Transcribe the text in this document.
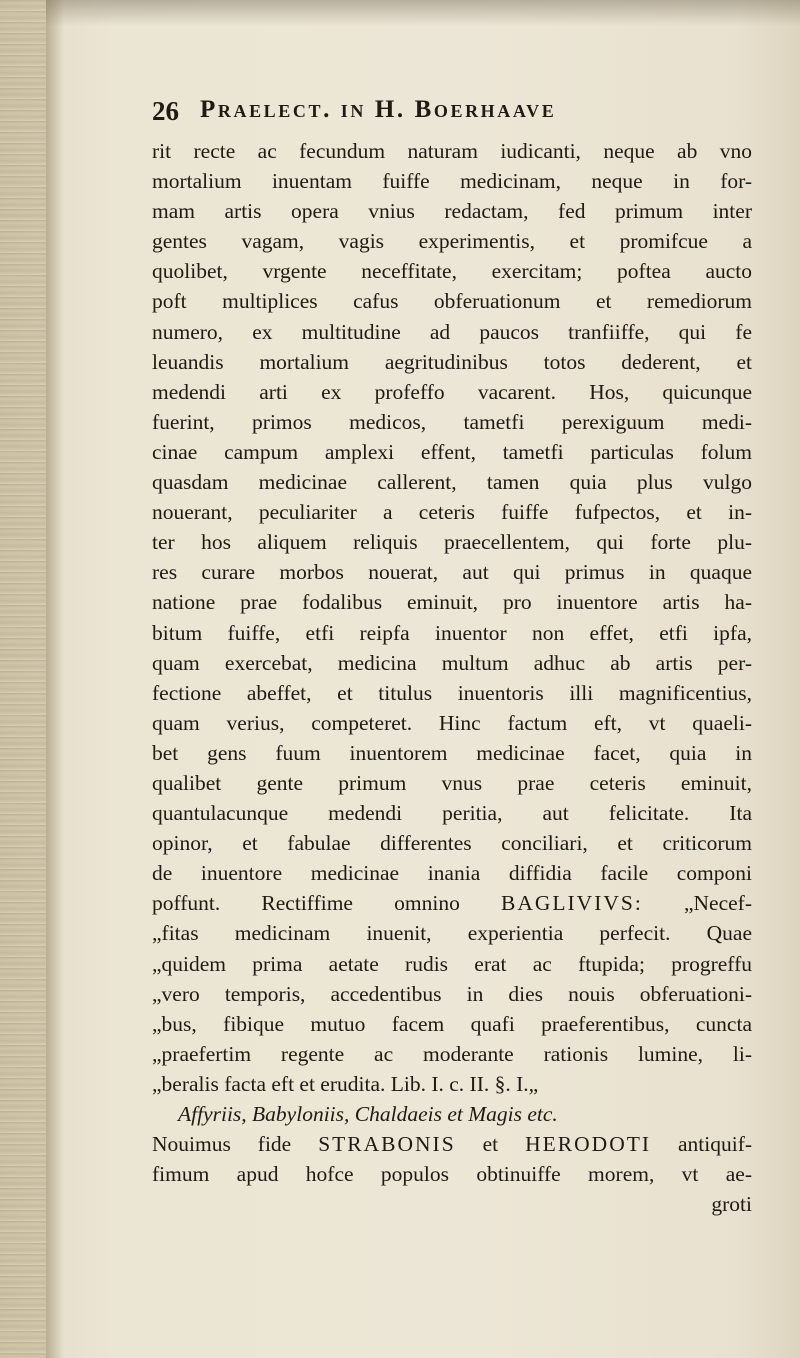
26 Praelect. in H. Boerhaave
rit recte ac fecundum naturam iudicanti, neque ab vno
mortalium inuentam fuiffe medicinam, neque in for-
mam artis opera vnius redactam, fed primum inter
gentes vagam, vagis experimentis, et promifcue a
quolibet, vrgente neceffitate, exercitam; poftea aucto
poft multiplices cafus obferuationum et remediorum
numero, ex multitudine ad paucos tranfiiffe, qui fe
leuandis mortalium aegritudinibus totos dederent, et
medendi arti ex profeffo vacarent. Hos, quicunque
fuerint, primos medicos, tametfi perexiguum medi-
cinae campum amplexi effent, tametfi particulas folum
quasdam medicinae callerent, tamen quia plus vulgo
nouerant, peculiariter a ceteris fuiffe fufpectos, et in-
ter hos aliquem reliquis praecellentem, qui forte plu-
res curare morbos nouerat, aut qui primus in quaque
natione prae fodalibus eminuit, pro inuentore artis ha-
bitum fuiffe, etfi reipfa inuentor non effet, etfi ipfa,
quam exercebat, medicina multum adhuc ab artis per-
fectione abeffet, et titulus inuentoris illi magnificentius,
quam verius, competeret. Hinc factum eft, vt quaeli-
bet gens fuum inuentorem medicinae facet, quia in
qualibet gente primum vnus prae ceteris eminuit,
quantulacunque medendi peritia, aut felicitate. Ita
opinor, et fabulae differentes conciliari, et criticorum
de inuentore medicinae inania diffidia facile componi
poffunt. Rectiffime omnino BAGLIVIVS: „Necef-
„fitas medicinam inuenit, experientia perfecit. Quae
„quidem prima aetate rudis erat ac ftupida; progreffu
„vero temporis, accedentibus in dies nouis obferuationi-
„bus, fibique mutuo facem quafi praeferentibus, cuncta
„praefertim regente ac moderante rationis lumine, li-
„beralis facta eft et erudita. Lib. I. c. II. §. I.„
Affyriis, Babyloniis, Chaldaeis et Magis etc.
Nouimus fide STRABONIS et HERODOTI antiquif-
fimum apud hofce populos obtinuiffe morem, vt ae-
groti
